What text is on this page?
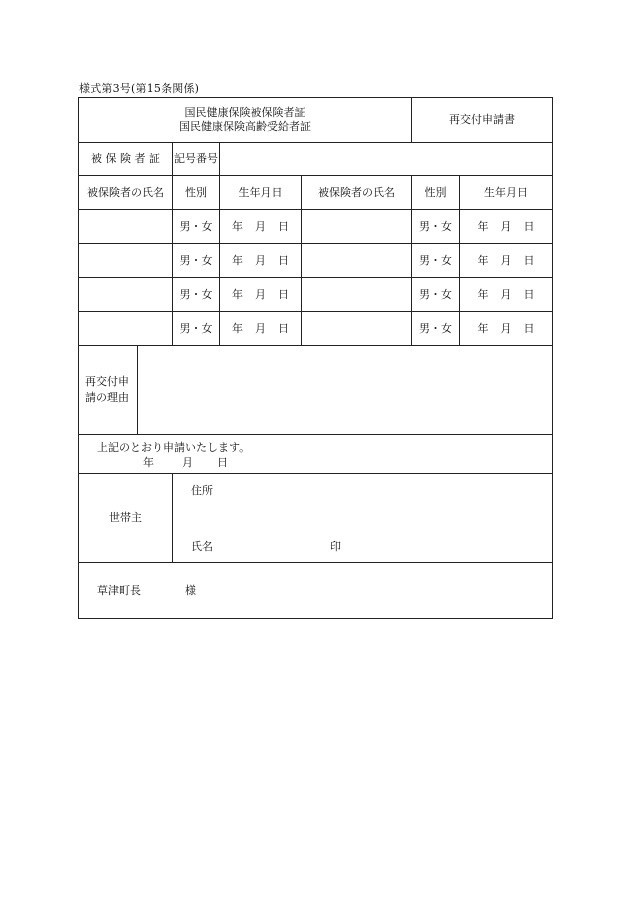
様式第3号(第15条関係)
国民健康保険被保険者証
国民健康保険高齢受給者証					再交付申請書	
被 保 険 者 証		記号番号				
被保険者の氏名		性別	生年月日	被保険者の氏名	性別	生年月日
		男・女	年 月 日		男・女	年 月 日
		男・女	年 月 日		男・女	年 月 日
		男・女	年 月 日		男・女	年 月 日
		男・女	年 月 日		男・女	年 月 日

再交付申
請の理由						

上記のとおり申請いたします。
年 月 日						

世帯主		住所
氏名 印				

草津町長 様						
